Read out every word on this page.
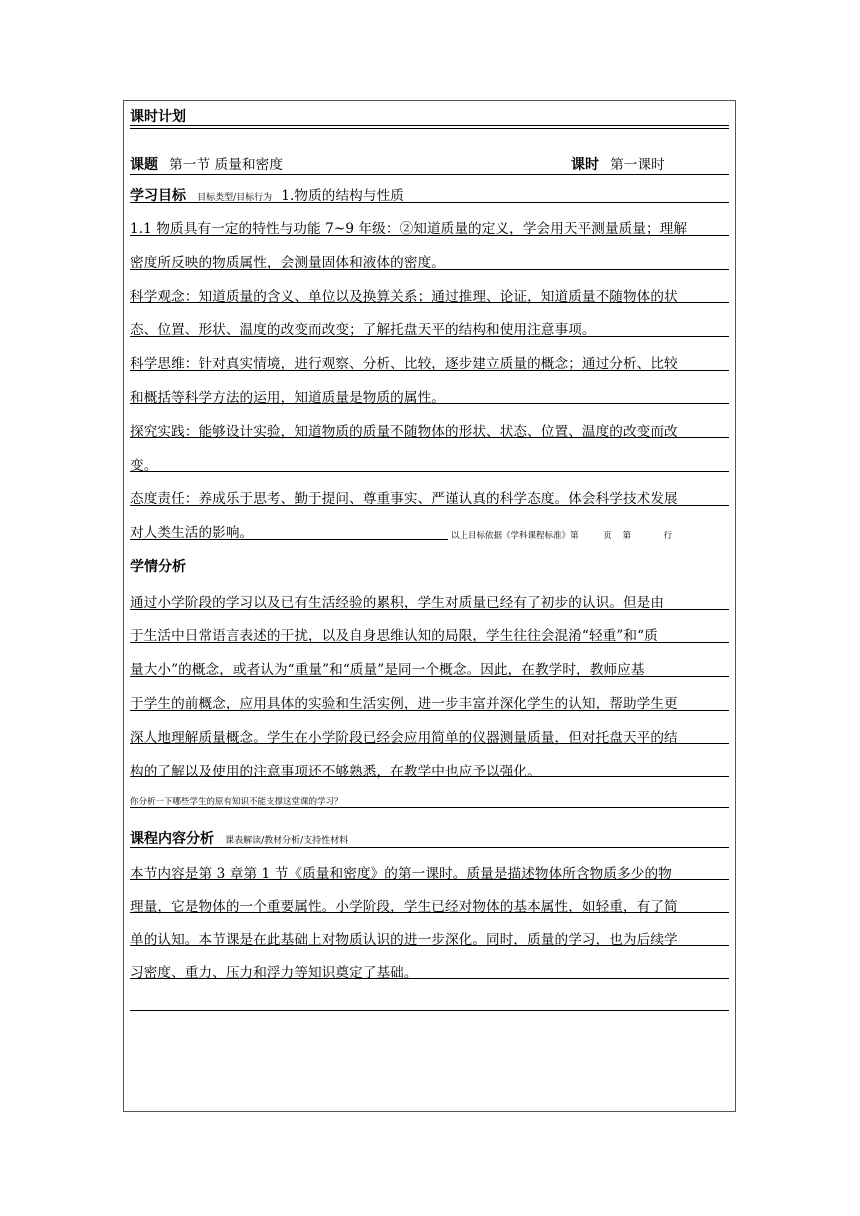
课时计划
课题 第一节 质量和密度	课时 第一课时
学习目标 目标类型/目标行为 1.物质的结构与性质
1.1 物质具有一定的特性与功能 7~9 年级：②知道质量的定义，学会用天平测量质量；理解
密度所反映的物质属性，会测量固体和液体的密度。
科学观念：知道质量的含义、单位以及换算关系；通过推理、论证，知道质量不随物体的状
态、位置、形状、温度的改变而改变；了解托盘天平的结构和使用注意事项。
科学思维：针对真实情境，进行观察、分析、比较，逐步建立质量的概念；通过分析、比较
和概括等科学方法的运用，知道质量是物质的属性。
探究实践：能够设计实验，知道物质的质量不随物体的形状、状态、位置、温度的改变而改
变。
态度责任：养成乐于思考、勤于提问、尊重事实、严谨认真的科学态度。体会科学技术发展
对人类生活的影响。	以上目标依据《学科课程标准》第	页 第	行
学情分析
通过小学阶段的学习以及已有生活经验的累积，学生对质量已经有了初步的认识。但是由
于生活中日常语言表述的干扰，以及自身思维认知的局限，学生往往会混淆“轻重”和“质
量大小”的概念，或者认为“重量”和“质量”是同一个概念。因此，在教学时，教师应基
于学生的前概念，应用具体的实验和生活实例，进一步丰富并深化学生的认知，帮助学生更
深人地理解质量概念。学生在小学阶段已经会应用简单的仪器测量质量，但对托盘天平的结
构的了解以及使用的注意事项还不够熟悉，在教学中也应予以强化。
你分析一下哪些学生的原有知识不能支撑这堂课的学习？
课程内容分析 课表解读/教材分析/支持性材料
本节内容是第 3 章第 1 节《质量和密度》的第一课时。质量是描述物体所含物质多少的物
理量，它是物体的一个重要属性。小学阶段，学生已经对物体的基本属性，如轻重，有了简
单的认知。本节课是在此基础上对物质认识的进一步深化。同时，质量的学习，也为后续学
习密度、重力、压力和浮力等知识奠定了基础。
